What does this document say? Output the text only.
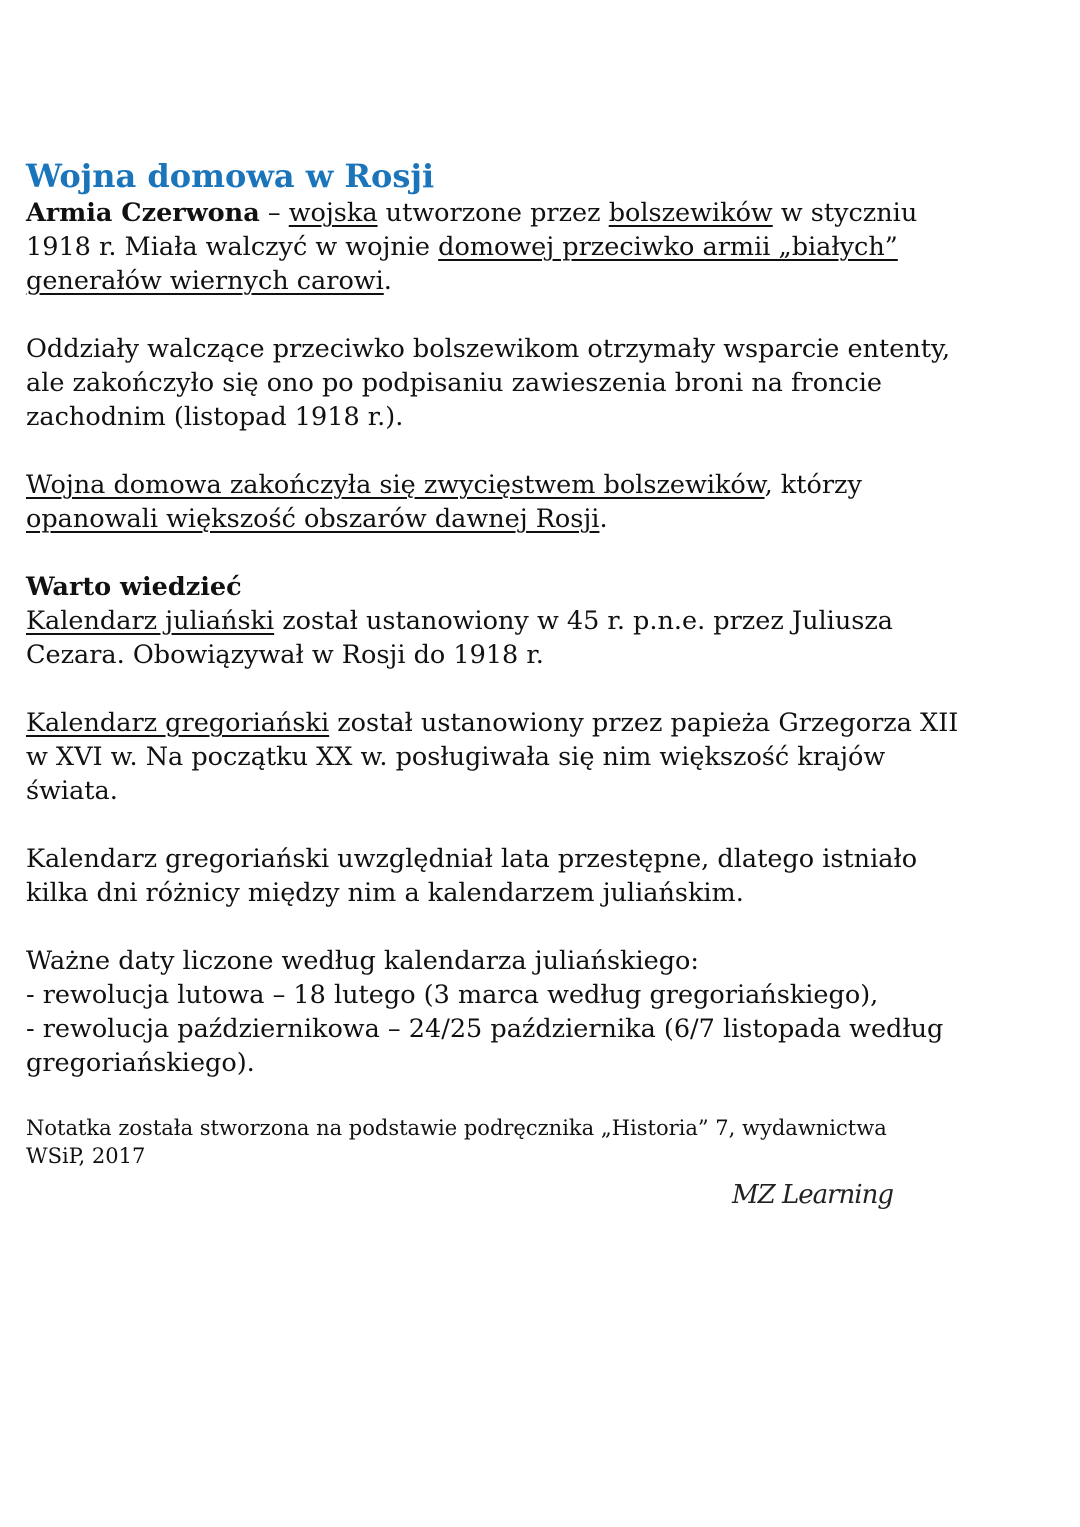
Wojna domowa w Rosji
Armia Czerwona – wojska utworzone przez bolszewików w styczniu
1918 r. Miała walczyć w wojnie domowej przeciwko armii „białych”
generałów wiernych carowi.
Oddziały walczące przeciwko bolszewikom otrzymały wsparcie ententy,
ale zakończyło się ono po podpisaniu zawieszenia broni na froncie
zachodnim (listopad 1918 r.).
Wojna domowa zakończyła się zwycięstwem bolszewików, którzy
opanowali większość obszarów dawnej Rosji.
Warto wiedzieć
Kalendarz juliański został ustanowiony w 45 r. p.n.e. przez Juliusza
Cezara. Obowiązywał w Rosji do 1918 r.
Kalendarz gregoriański został ustanowiony przez papieża Grzegorza XII
w XVI w. Na początku XX w. posługiwała się nim większość krajów
świata.
Kalendarz gregoriański uwzględniał lata przestępne, dlatego istniało
kilka dni różnicy między nim a kalendarzem juliańskim.
Ważne daty liczone według kalendarza juliańskiego:
- rewolucja lutowa – 18 lutego (3 marca według gregoriańskiego),
- rewolucja październikowa – 24/25 października (6/7 listopada według
gregoriańskiego).
Notatka została stworzona na podstawie podręcznika „Historia” 7, wydawnictwa
WSiP, 2017
MZ Learning
